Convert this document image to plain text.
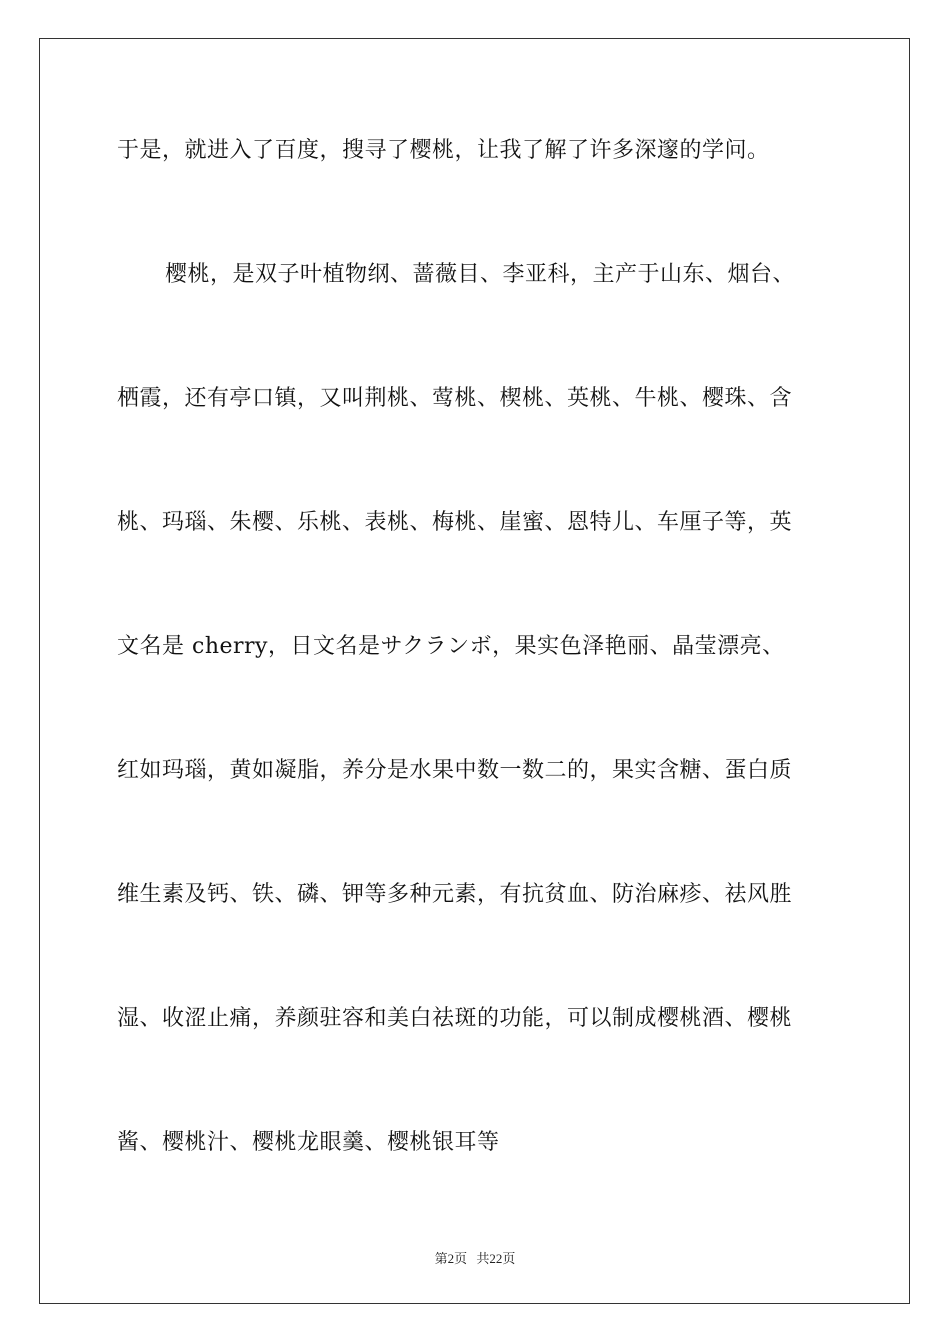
于是，就进入了百度，搜寻了樱桃，让我了解了许多深邃的学问。
樱桃，是双子叶植物纲、蔷薇目、李亚科，主产于山东、烟台、
栖霞，还有亭口镇，又叫荆桃、莺桃、楔桃、英桃、牛桃、樱珠、含
桃、玛瑙、朱樱、乐桃、表桃、梅桃、崖蜜、恩特儿、车厘子等，英
文名是 cherry，日文名是サクランボ，果实色泽艳丽、晶莹漂亮、
红如玛瑙，黄如凝脂，养分是水果中数一数二的，果实含糖、蛋白质
维生素及钙、铁、磷、钾等多种元素，有抗贫血、防治麻疹、祛风胜
湿、收涩止痛，养颜驻容和美白祛斑的功能，可以制成樱桃酒、樱桃
酱、樱桃汁、樱桃龙眼羹、樱桃银耳等
第2页 共22页
